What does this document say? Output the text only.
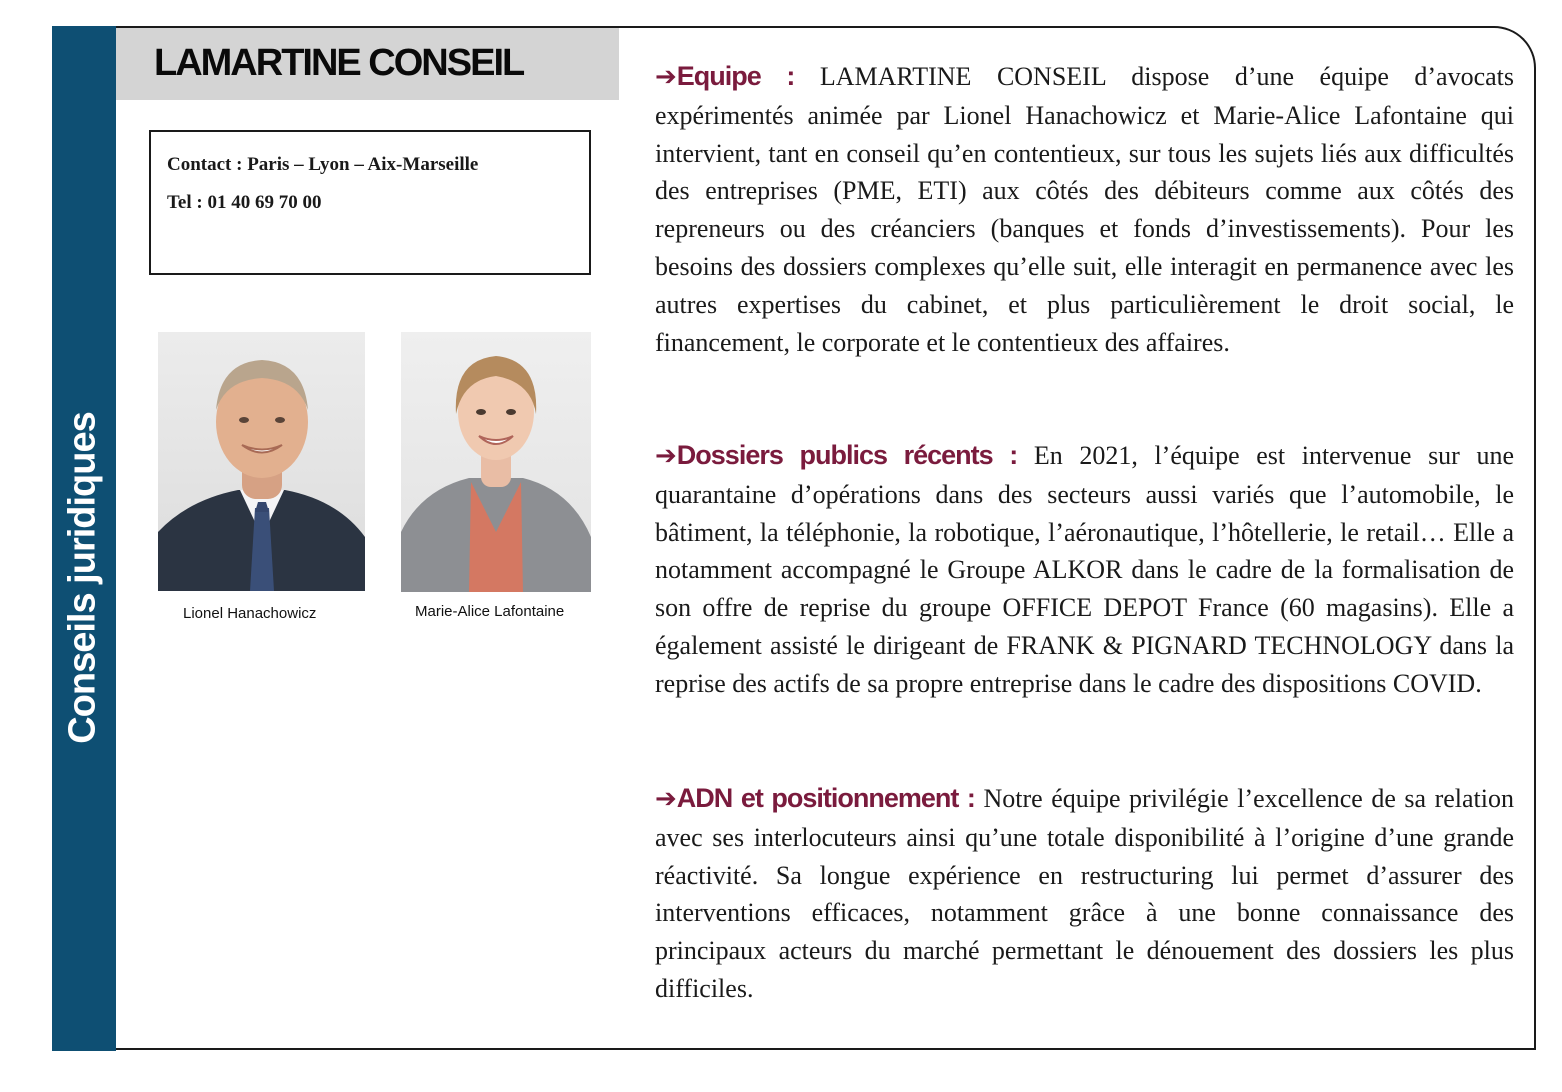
Conseils juridiques
LAMARTINE CONSEIL
Contact : Paris – Lyon – Aix-Marseille
Tel : 01 40 69 70 00
Lionel Hanachowicz	Marie-Alice Lafontaine

➔Equipe : LAMARTINE CONSEIL dispose d’une équipe d’avocats expérimentés animée par Lionel Hanachowicz et Marie-Alice Lafontaine qui intervient, tant en conseil qu’en contentieux, sur tous les sujets liés aux difficultés des entreprises (PME, ETI) aux côtés des débiteurs comme aux côtés des repreneurs ou des créanciers (banques et fonds d’investissements). Pour les besoins des dossiers complexes qu’elle suit, elle interagit en permanence avec les autres expertises du cabinet, et plus particulièrement le droit social, le financement, le corporate et le contentieux des affaires.

➔Dossiers publics récents : En 2021, l’équipe est intervenue sur une quarantaine d’opérations dans des secteurs aussi variés que l’automobile, le bâtiment, la téléphonie, la robotique, l’aéronautique, l’hôtellerie, le retail… Elle a notamment accompagné le Groupe ALKOR dans le cadre de la formalisation de son offre de reprise du groupe OFFICE DEPOT France (60 magasins). Elle a également assisté le dirigeant de FRANK & PIGNARD TECHNOLOGY dans la reprise des actifs de sa propre entreprise dans le cadre des dispositions COVID.

➔ADN et positionnement : Notre équipe privilégie l’excellence de sa relation avec ses interlocuteurs ainsi qu’une totale disponibilité à l’origine d’une grande réactivité. Sa longue expérience en restructuring lui permet d’assurer des interventions efficaces, notamment grâce à une bonne connaissance des principaux acteurs du marché permettant le dénouement des dossiers les plus difficiles.
